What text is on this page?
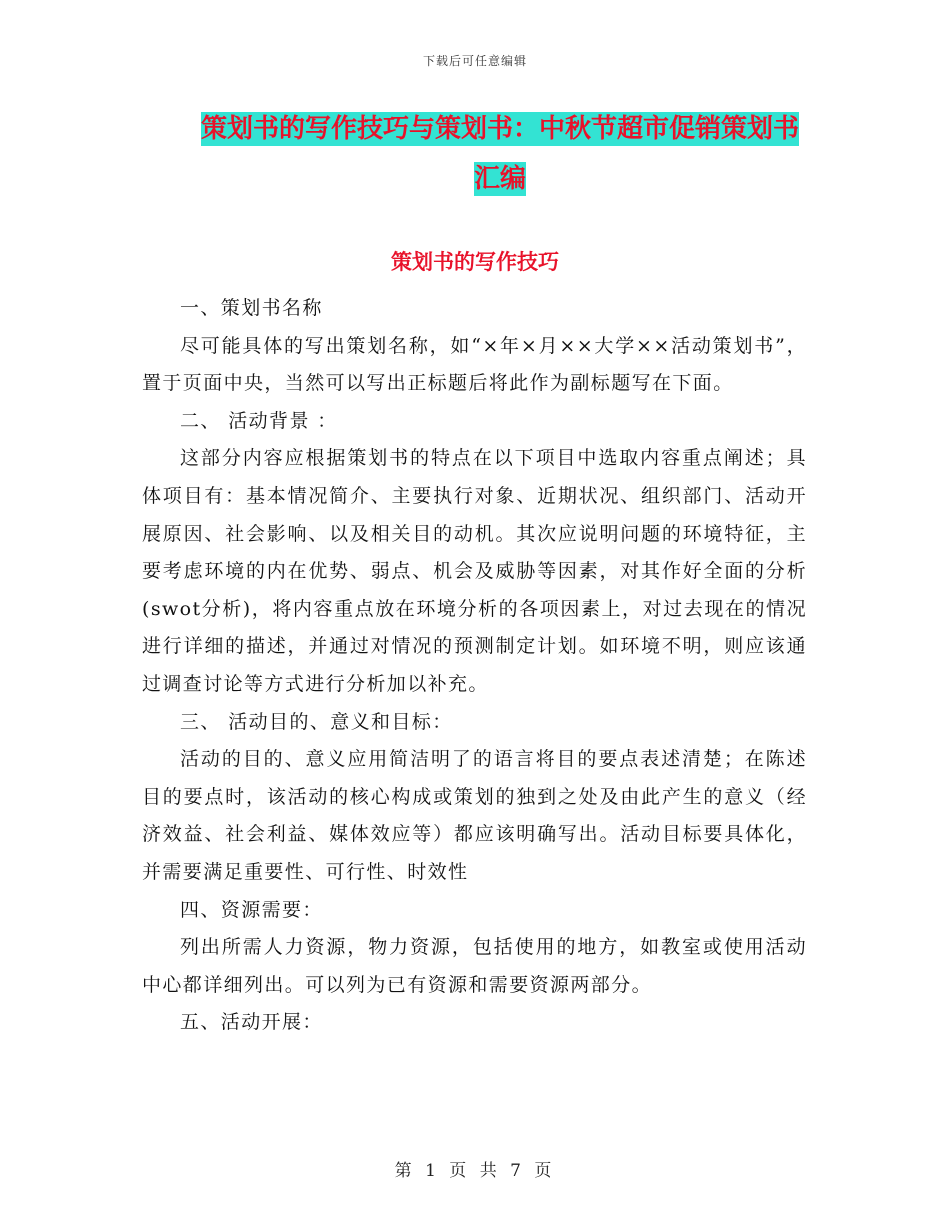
下载后可任意编辑
策划书的写作技巧与策划书：中秋节超市促销策划书
汇编
策划书的写作技巧

一、策划书名称

尽可能具体的写出策划名称，如“×年×月××大学××活动策划书”，置于页面中央，当然可以写出正标题后将此作为副标题写在下面。

二、 活动背景 ：

这部分内容应根据策划书的特点在以下项目中选取内容重点阐述；具体项目有：基本情况简介、主要执行对象、近期状况、组织部门、活动开展原因、社会影响、以及相关目的动机。其次应说明问题的环境特征，主要考虑环境的内在优势、弱点、机会及威胁等因素，对其作好全面的分析(swot分析)，将内容重点放在环境分析的各项因素上，对过去现在的情况进行详细的描述，并通过对情况的预测制定计划。如环境不明，则应该通过调查讨论等方式进行分析加以补充。

三、 活动目的、意义和目标：

活动的目的、意义应用简洁明了的语言将目的要点表述清楚；在陈述目的要点时，该活动的核心构成或策划的独到之处及由此产生的意义（经济效益、社会利益、媒体效应等）都应该明确写出。活动目标要具体化，并需要满足重要性、可行性、时效性

四、资源需要：

列出所需人力资源，物力资源，包括使用的地方，如教室或使用活动中心都详细列出。可以列为已有资源和需要资源两部分。

五、活动开展：

第 1 页 共 7 页
